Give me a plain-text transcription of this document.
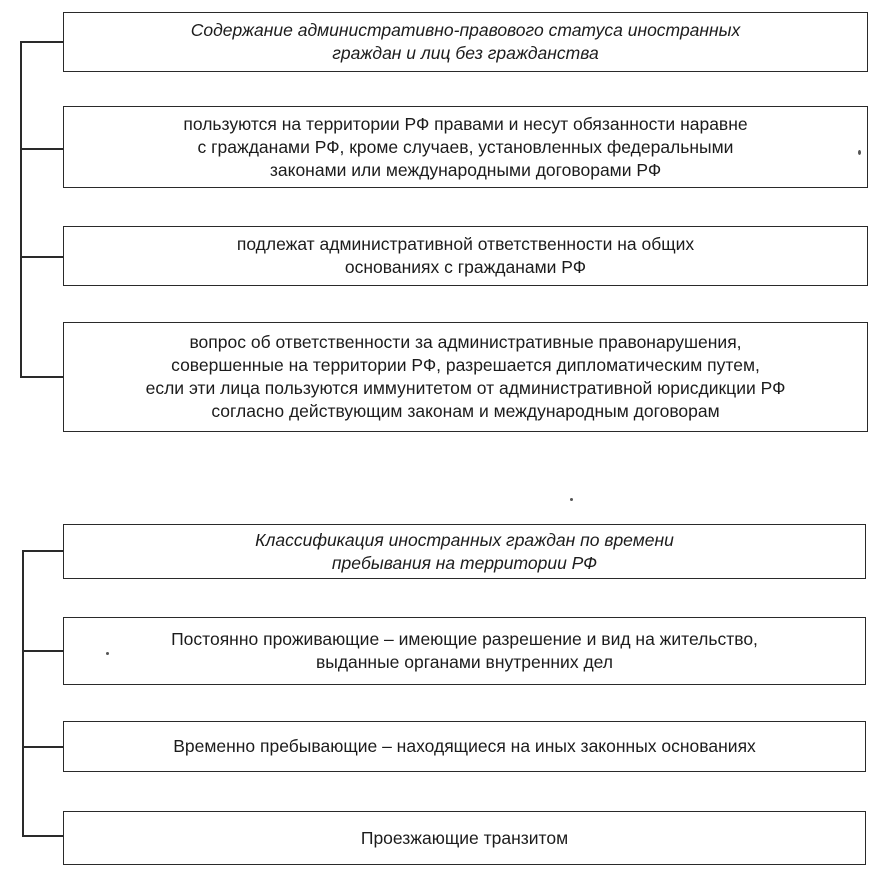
Содержание административно-правового статуса иностранных
граждан и лиц без гражданства
пользуются на территории РФ правами и несут обязанности наравне
с гражданами РФ, кроме случаев, установленных федеральными
законами или международными договорами РФ
подлежат административной ответственности на общих
основаниях с гражданами РФ
вопрос об ответственности за административные правонарушения,
совершенные на территории РФ, разрешается дипломатическим путем,
если эти лица пользуются иммунитетом от административной юрисдикции РФ
согласно действующим законам и международным договорам
Классификация иностранных граждан по времени
пребывания на территории РФ
Постоянно проживающие – имеющие разрешение и вид на жительство,
выданные органами внутренних дел
Временно пребывающие – находящиеся на иных законных основаниях
Проезжающие транзитом
